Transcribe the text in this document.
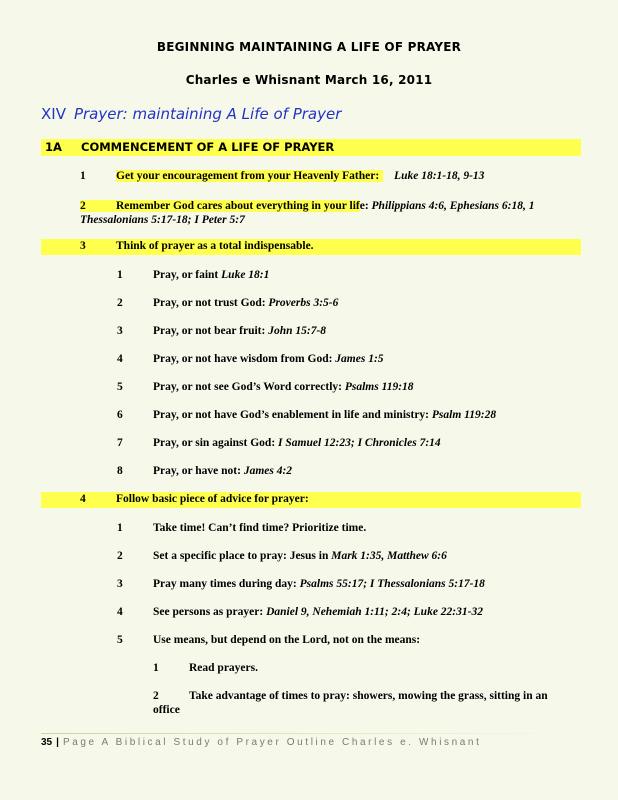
BEGINNING MAINTAINING A LIFE OF PRAYER
Charles e Whisnant March 16, 2011
XIV Prayer: maintaining A Life of Prayer
1A COMMENCEMENT OF A LIFE OF PRAYER
1	Get your encouragement from your Heavenly Father: Luke 18:1-18, 9-13
2	Remember God cares about everything in your life: Philippians 4:6, Ephesians 6:18, 1 Thessalonians 5:17-18; I Peter 5:7
3	Think of prayer as a total indispensable.
1	Pray, or faint Luke 18:1
2	Pray, or not trust God: Proverbs 3:5-6
3	Pray, or not bear fruit: John 15:7-8
4	Pray, or not have wisdom from God: James 1:5
5	Pray, or not see God’s Word correctly: Psalms 119:18
6	Pray, or not have God’s enablement in life and ministry: Psalm 119:28
7	Pray, or sin against God: I Samuel 12:23; I Chronicles 7:14
8	Pray, or have not: James 4:2
4	Follow basic piece of advice for prayer:
1	Take time! Can’t find time? Prioritize time.
2	Set a specific place to pray: Jesus in Mark 1:35, Matthew 6:6
3	Pray many times during day: Psalms 55:17; I Thessalonians 5:17-18
4	See persons as prayer: Daniel 9, Nehemiah 1:11; 2:4; Luke 22:31-32
5	Use means, but depend on the Lord, not on the means:
1	Read prayers.
2	Take advantage of times to pray: showers, mowing the grass, sitting in an
office
35 | Page A Biblical Study of Prayer Outline Charles e. Whisnant
